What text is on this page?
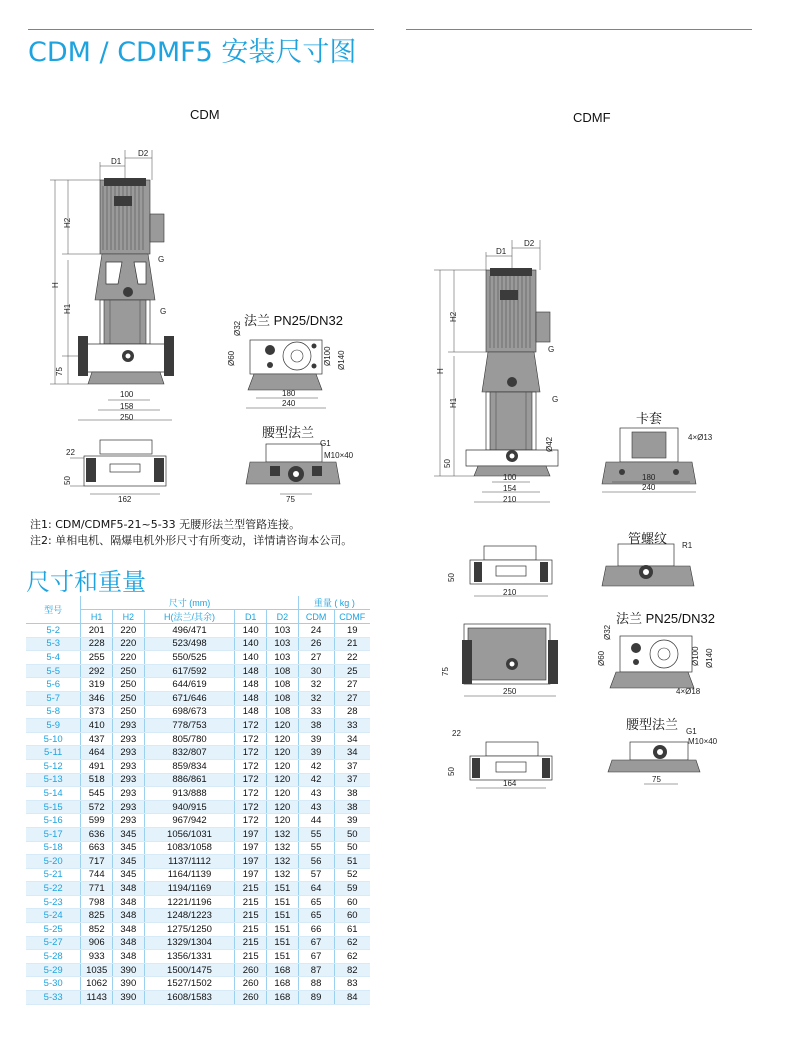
CDM / CDMF5 安装尺寸图
CDM	CDMF
D1
D2
G
G
H
H2
H1
75
100
158
250
22
50
162
Ø32
Ø60	Ø100 Ø140
180
240
G1
M10×40
75
法兰 PN25/DN32
腰型法兰
注1: CDM/CDMF5-21~5-33 无腰形法兰型管路连接。
注2: 单相电机、隔爆电机外形尺寸有所变动，详情请咨询本公司。
D1
D2
G
G
Ø42
H
H2
H1
50
100
154
210
4×Ø13
180
240
50
210
R1
75
250
Ø32
Ø60	Ø100 Ø140
4×Ø18
22
50
164
G1
M10×40
75
卡套
管螺纹
法兰 PN25/DN32
腰型法兰
尺寸和重量
型号	尺寸 (mm)					重量 ( kg )	
	H1	H2	H(法兰/其余)	D1	D2	CDM	CDMF
5-2	201	220	496/471	140	103	24	19
5-3	228	220	523/498	140	103	26	21
5-4	255	220	550/525	140	103	27	22
5-5	292	250	617/592	148	108	30	25
5-6	319	250	644/619	148	108	32	27
5-7	346	250	671/646	148	108	32	27
5-8	373	250	698/673	148	108	33	28
5-9	410	293	778/753	172	120	38	33
5-10	437	293	805/780	172	120	39	34
5-11	464	293	832/807	172	120	39	34
5-12	491	293	859/834	172	120	42	37
5-13	518	293	886/861	172	120	42	37
5-14	545	293	913/888	172	120	43	38
5-15	572	293	940/915	172	120	43	38
5-16	599	293	967/942	172	120	44	39
5-17	636	345	1056/1031	197	132	55	50
5-18	663	345	1083/1058	197	132	55	50
5-20	717	345	1137/1112	197	132	56	51
5-21	744	345	1164/1139	197	132	57	52
5-22	771	348	1194/1169	215	151	64	59
5-23	798	348	1221/1196	215	151	65	60
5-24	825	348	1248/1223	215	151	65	60
5-25	852	348	1275/1250	215	151	66	61
5-27	906	348	1329/1304	215	151	67	62
5-28	933	348	1356/1331	215	151	67	62
5-29	1035	390	1500/1475	260	168	87	82
5-30	1062	390	1527/1502	260	168	88	83
5-33	1143	390	1608/1583	260	168	89	84
